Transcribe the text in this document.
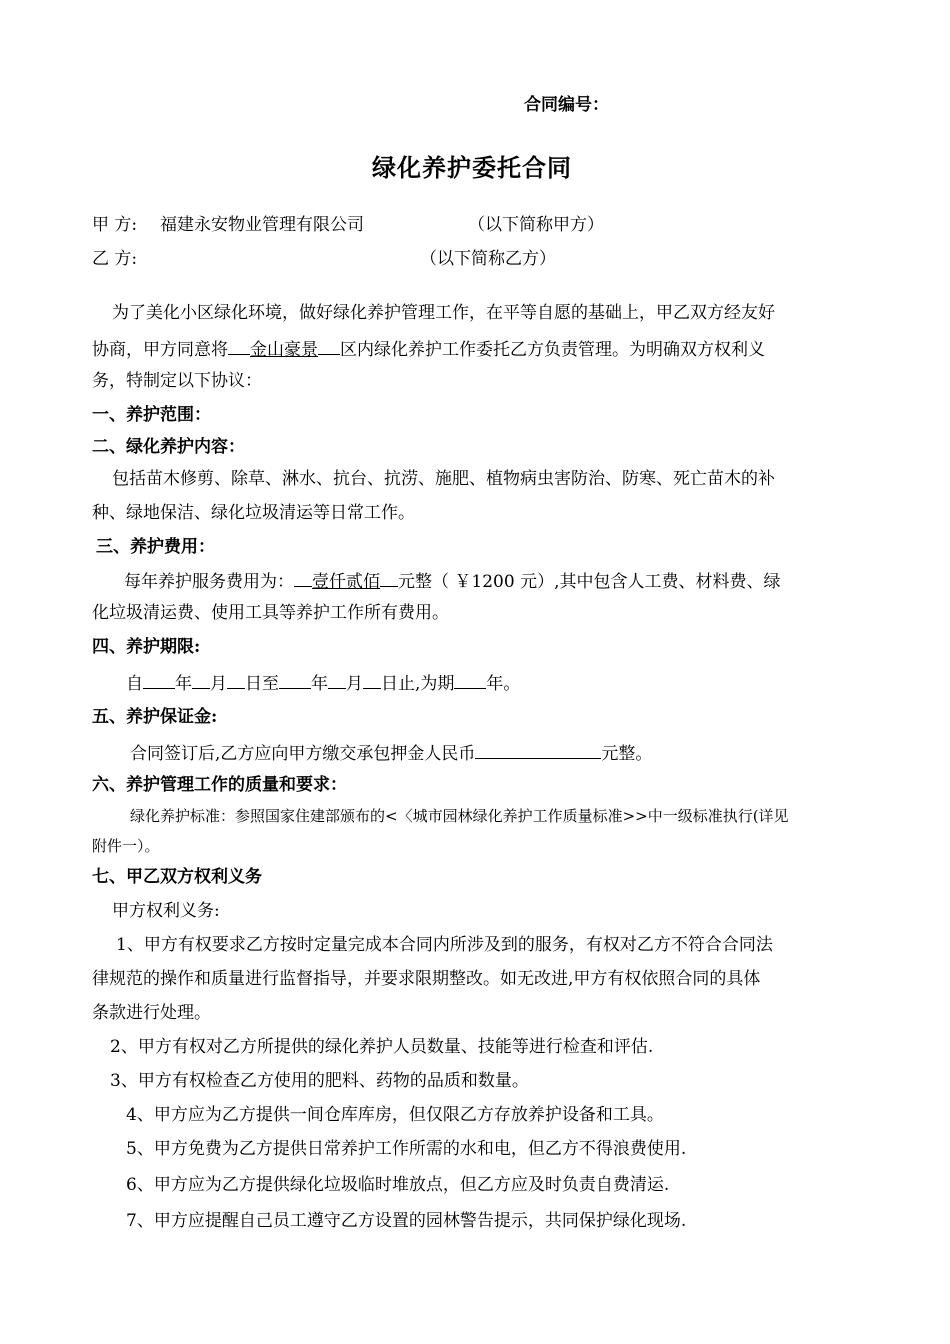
合同编号：
绿化养护委托合同
甲 方: 福建永安物业管理有限公司	（以下简称甲方）
乙 方:	（以下简称乙方）
为了美化小区绿化环境，做好绿化养护管理工作，在平等自愿的基础上，甲乙双方经友好
协商，甲方同意将 金山豪景 区内绿化养护工作委托乙方负责管理。为明确双方权利义
务，特制定以下协议：
一、养护范围：
二、绿化养护内容：
包括苗木修剪、除草、淋水、抗台、抗涝、施肥、植物病虫害防治、防寒、死亡苗木的补
种、绿地保洁、绿化垃圾清运等日常工作。
三、养护费用：
每年养护服务费用为： 壹仟贰佰 元整（ ￥1200 元）,其中包含人工费、材料费、绿
化垃圾清运费、使用工具等养护工作所有费用。
四、养护期限:
自 年 月 日至 年 月 日止,为期 年。
五、养护保证金:
合同签订后,乙方应向甲方缴交承包押金人民币	元整。
六、养护管理工作的质量和要求：
绿化养护标准：参照国家住建部颁布的<〈城市园林绿化养护工作质量标准>>中一级标准执行(详见
附件一）。
七、甲乙双方权利义务
甲方权利义务:
1、甲方有权要求乙方按时定量完成本合同内所涉及到的服务，有权对乙方不符合合同法
律规范的操作和质量进行监督指导，并要求限期整改。如无改进,甲方有权依照合同的具体
条款进行处理。
2、甲方有权对乙方所提供的绿化养护人员数量、技能等进行检查和评估.
3、甲方有权检查乙方使用的肥料、药物的品质和数量。
4、甲方应为乙方提供一间仓库库房，但仅限乙方存放养护设备和工具。
5、甲方免费为乙方提供日常养护工作所需的水和电，但乙方不得浪费使用.
6、甲方应为乙方提供绿化垃圾临时堆放点，但乙方应及时负责自费清运.
7、甲方应提醒自己员工遵守乙方设置的园林警告提示，共同保护绿化现场.
